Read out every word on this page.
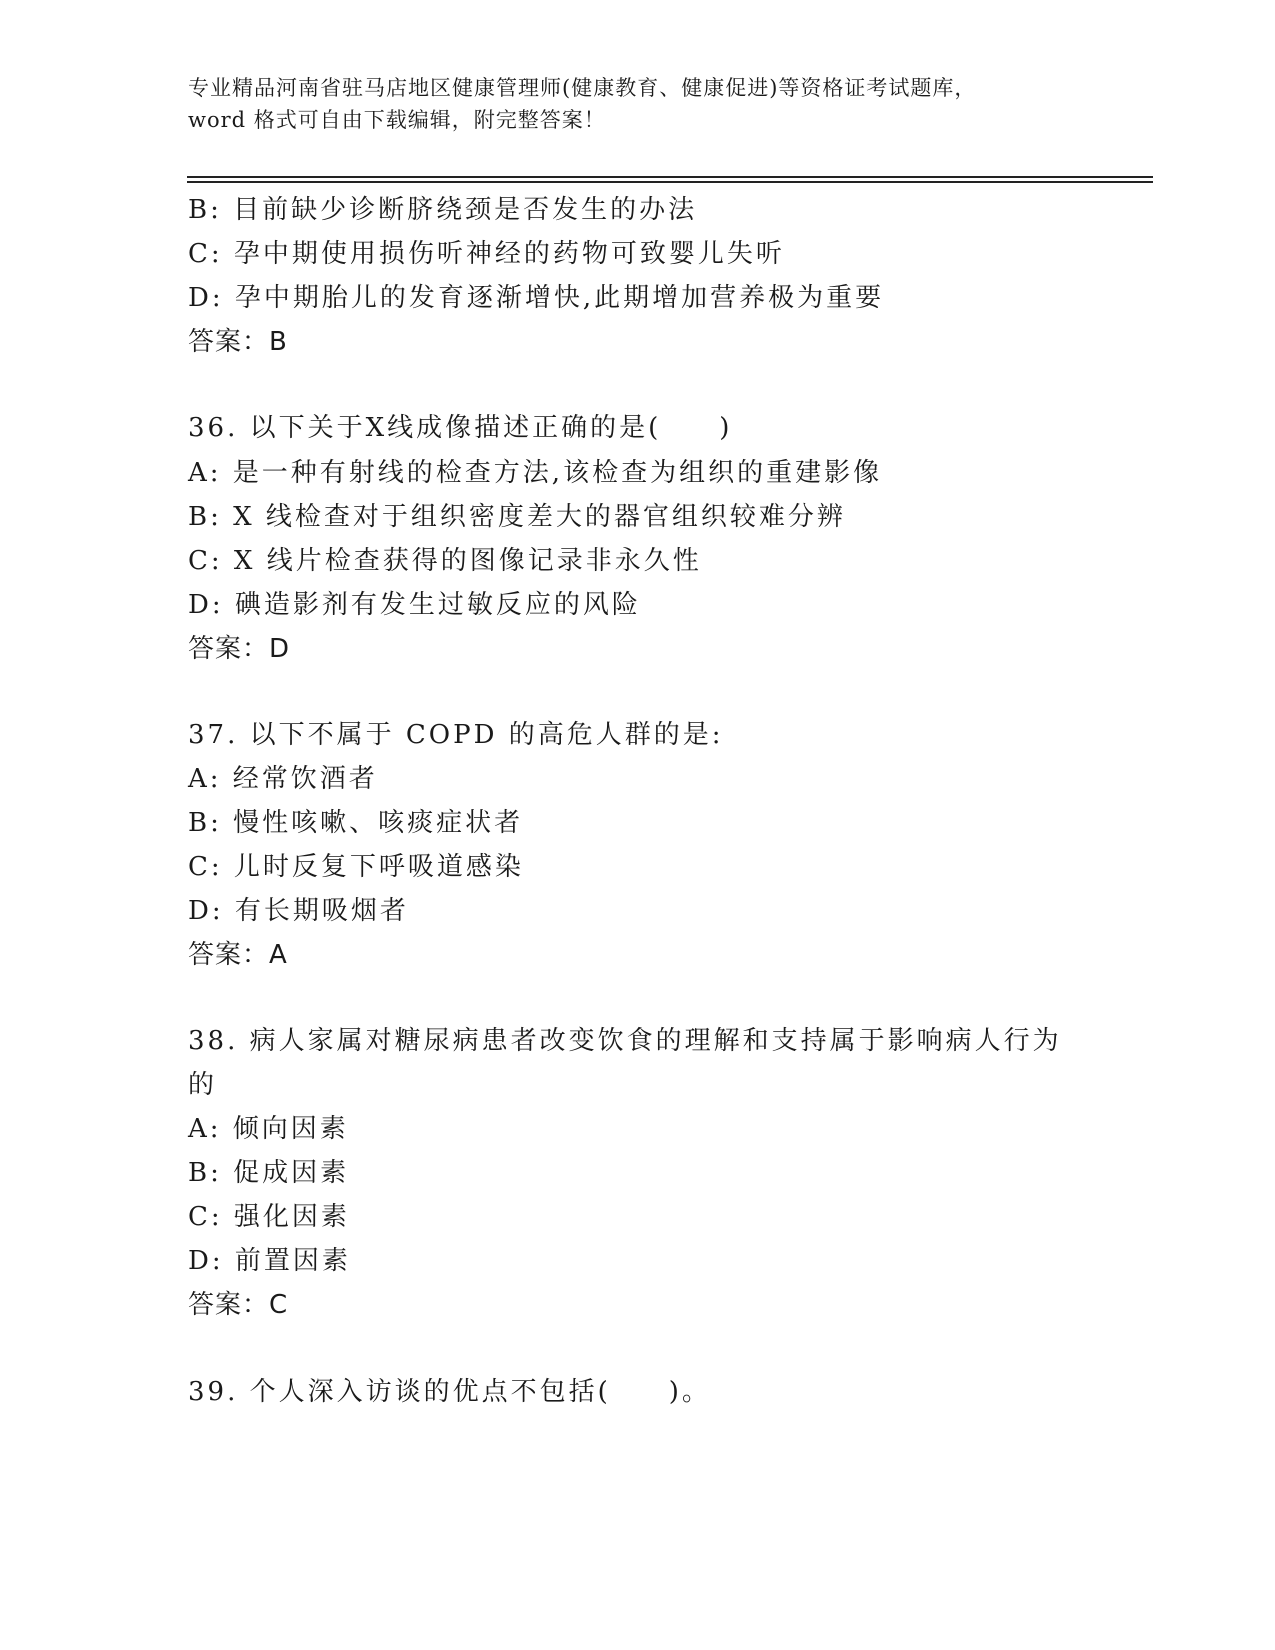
专业精品河南省驻马店地区健康管理师(健康教育、健康促进)等资格证考试题库，
word 格式可自由下载编辑，附完整答案！
B: 目前缺少诊断脐绕颈是否发生的办法
C: 孕中期使用损伤听神经的药物可致婴儿失听
D: 孕中期胎儿的发育逐渐增快,此期增加营养极为重要
答案：B
36. 以下关于X线成像描述正确的是(　　)
A: 是一种有射线的检查方法,该检查为组织的重建影像
B: X 线检查对于组织密度差大的器官组织较难分辨
C: X 线片检查获得的图像记录非永久性
D: 碘造影剂有发生过敏反应的风险
答案：D
37. 以下不属于 COPD 的高危人群的是:
A: 经常饮酒者
B: 慢性咳嗽、咳痰症状者
C: 儿时反复下呼吸道感染
D: 有长期吸烟者
答案：A
38. 病人家属对糖尿病患者改变饮食的理解和支持属于影响病人行为
的
A: 倾向因素
B: 促成因素
C: 强化因素
D: 前置因素
答案：C
39. 个人深入访谈的优点不包括(　　)。
